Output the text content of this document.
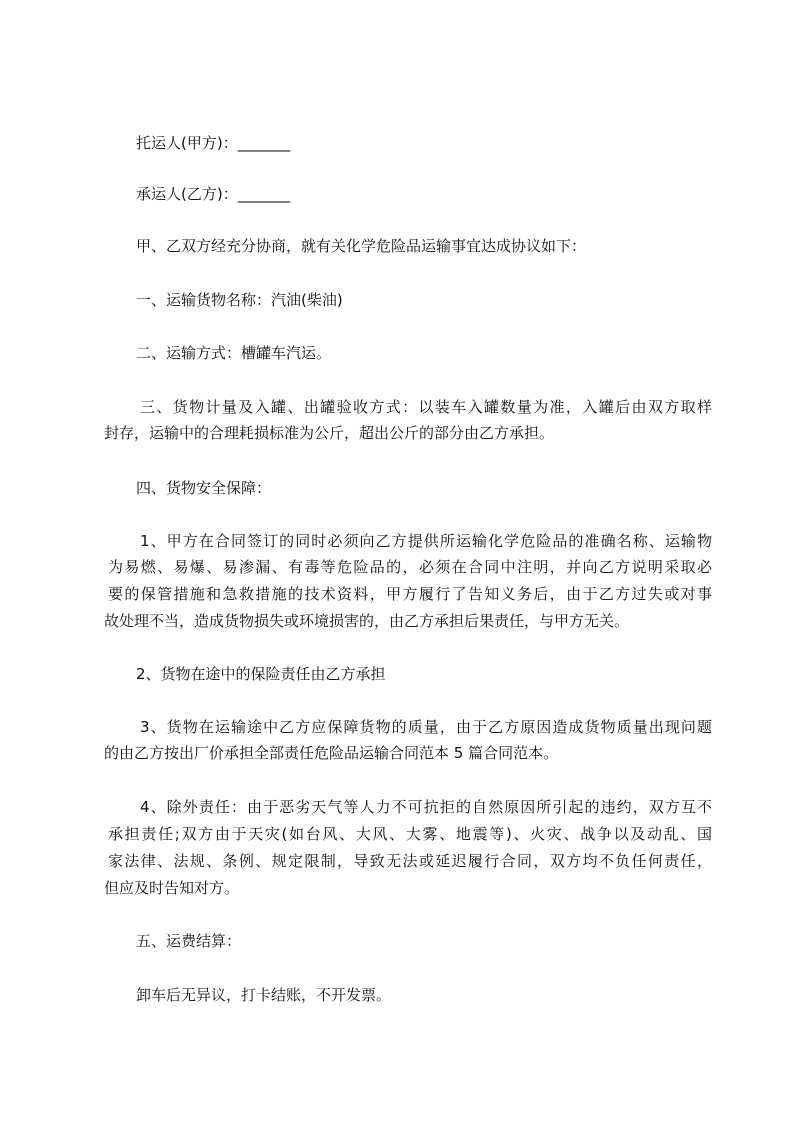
托运人(甲方)：_______
承运人(乙方)：_______
甲、乙双方经充分协商，就有关化学危险品运输事宜达成协议如下：
一、运输货物名称：汽油(柴油)
二、运输方式：槽罐车汽运。
三、货物计量及入罐、出罐验收方式：以装车入罐数量为准，入罐后由双方取样
封存，运输中的合理耗损标准为公斤，超出公斤的部分由乙方承担。
四、货物安全保障：
1、甲方在合同签订的同时必须向乙方提供所运输化学危险品的准确名称、运输物
为易燃、易爆、易渗漏、有毒等危险品的，必须在合同中注明，并向乙方说明采取必
要的保管措施和急救措施的技术资料，甲方履行了告知义务后，由于乙方过失或对事
故处理不当，造成货物损失或环境损害的，由乙方承担后果责任，与甲方无关。
2、货物在途中的保险责任由乙方承担
3、货物在运输途中乙方应保障货物的质量，由于乙方原因造成货物质量出现问题
的由乙方按出厂价承担全部责任危险品运输合同范本 5 篇合同范本。
4、除外责任：由于恶劣天气等人力不可抗拒的自然原因所引起的违约，双方互不
承担责任;双方由于天灾(如台风、大风、大雾、地震等)、火灾、战争以及动乱、国
家法律、法规、条例、规定限制，导致无法或延迟履行合同，双方均不负任何责任，
但应及时告知对方。
五、运费结算：
卸车后无异议，打卡结账，不开发票。
